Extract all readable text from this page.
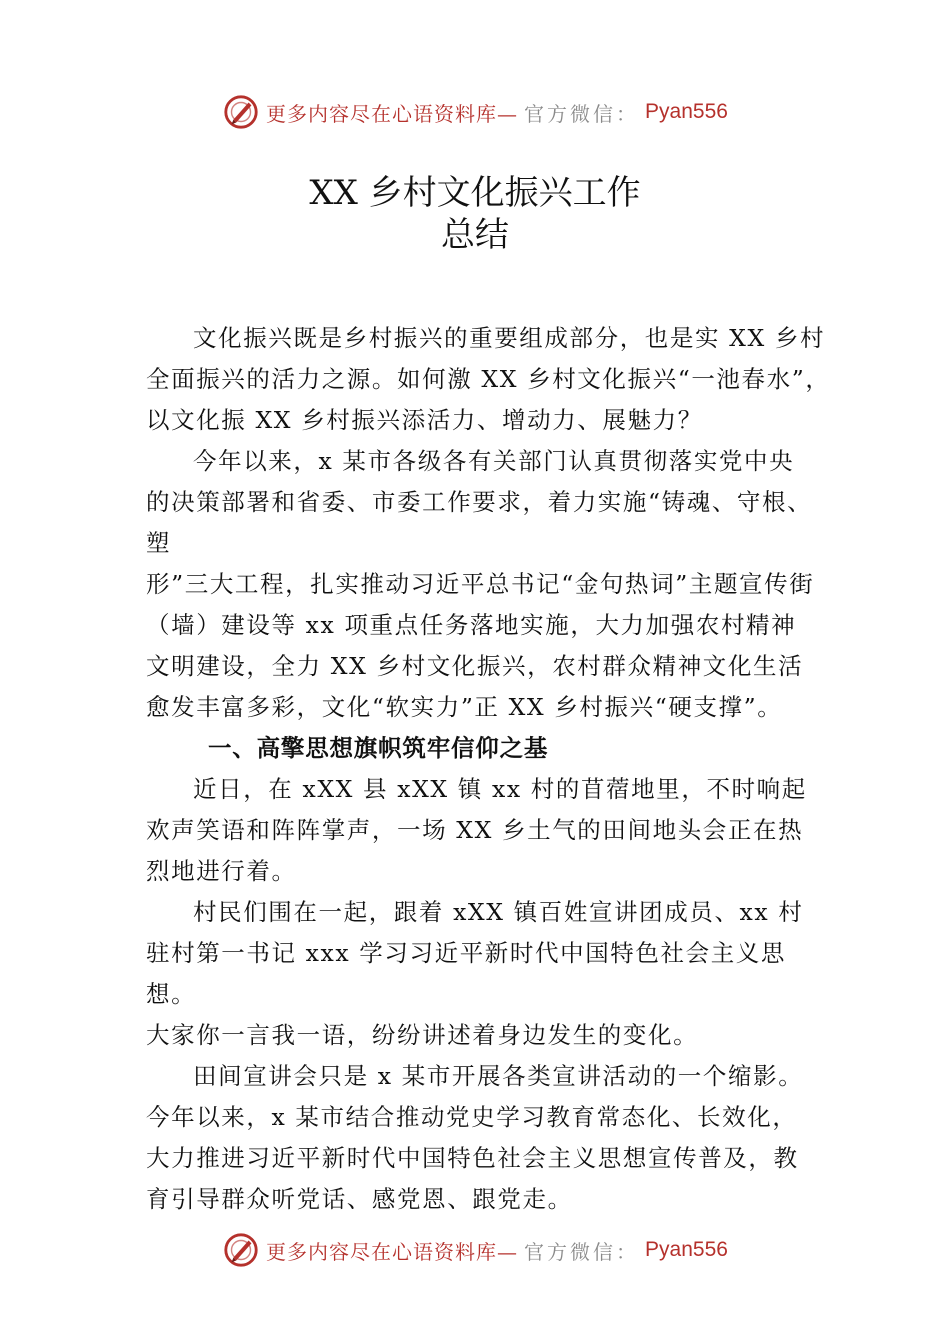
更多内容尽在心语资料库— 官方微信： Pyan556
XX 乡村文化振兴工作
总结

文化振兴既是乡村振兴的重要组成部分，也是实 XX 乡村
全面振兴的活力之源。如何激 XX 乡村文化振兴“一池春水”，
以文化振 XX 乡村振兴添活力、增动力、展魅力？

今年以来，x 某市各级各有关部门认真贯彻落实党中央
的决策部署和省委、市委工作要求，着力实施“铸魂、守根、塑
形”三大工程，扎实推动习近平总书记“金句热词”主题宣传街
（墙）建设等 xx 项重点任务落地实施，大力加强农村精神
文明建设，全力 XX 乡村文化振兴，农村群众精神文化生活
愈发丰富多彩，文化“软实力”正 XX 乡村振兴“硬支撑”。

一、高擎思想旗帜筑牢信仰之基

近日，在 xXX 县 xXX 镇 xx 村的苜蓿地里，不时响起
欢声笑语和阵阵掌声，一场 XX 乡土气的田间地头会正在热
烈地进行着。

村民们围在一起，跟着 xXX 镇百姓宣讲团成员、xx 村
驻村第一书记 xxx 学习习近平新时代中国特色社会主义思想。
大家你一言我一语，纷纷讲述着身边发生的变化。

田间宣讲会只是 x 某市开展各类宣讲活动的一个缩影。
今年以来，x 某市结合推动党史学习教育常态化、长效化，
大力推进习近平新时代中国特色社会主义思想宣传普及，教
育引导群众听党话、感党恩、跟党走。

更多内容尽在心语资料库— 官方微信： Pyan556
